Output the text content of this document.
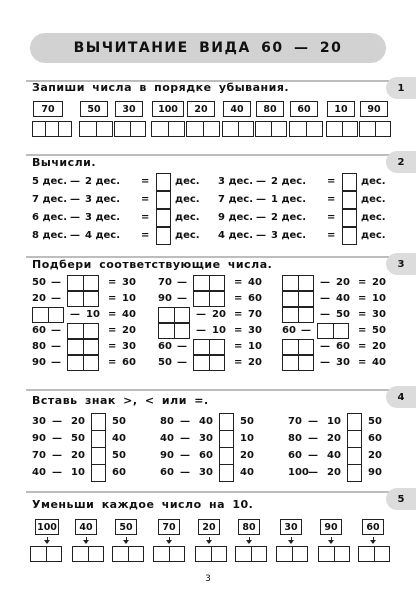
ВЫЧИТАНИЕ ВИДА 60 — 20
1
Запиши числа в порядке убывания.
70	50	30	100	20	40	80	60	10	90
2
Вычисли.
5 дес. — 2 дес. =	дес.
7 дес. — 3 дес. =	дес.
6 дес. — 3 дес. =	дес.
8 дес. — 4 дес. =	дес.
3 дес. — 2 дес. =	дес.
7 дес. — 1 дес. =	дес.
9 дес. — 2 дес. =	дес.
4 дес. — 3 дес. =	дес.
3
Подбери соответствующие числа.
50 —	= 30
20 —	= 10
— 10 = 40
60 —	= 20
80 —	= 30
90 —	= 60
70 —	= 40
90 —	= 60
— 20 = 70
— 10 = 30
60 —	= 10
50 —	= 20
— 20 = 20
— 40 = 10
— 50 = 30
60 —	= 50
— 60 = 20
— 30 = 40
4
Вставь знак >, < или =.
30 — 20	50
90 — 50	40
70 — 20	50
40 — 10	60
80 — 40	50
40 — 30	10
90 — 60	20
60 — 30	40
70 — 10	50
80 — 20	60
60 — 40	20
100 — 20	90
5
Уменьши каждое число на 10.
100	40	50	70	20	80	30	90	60
3
